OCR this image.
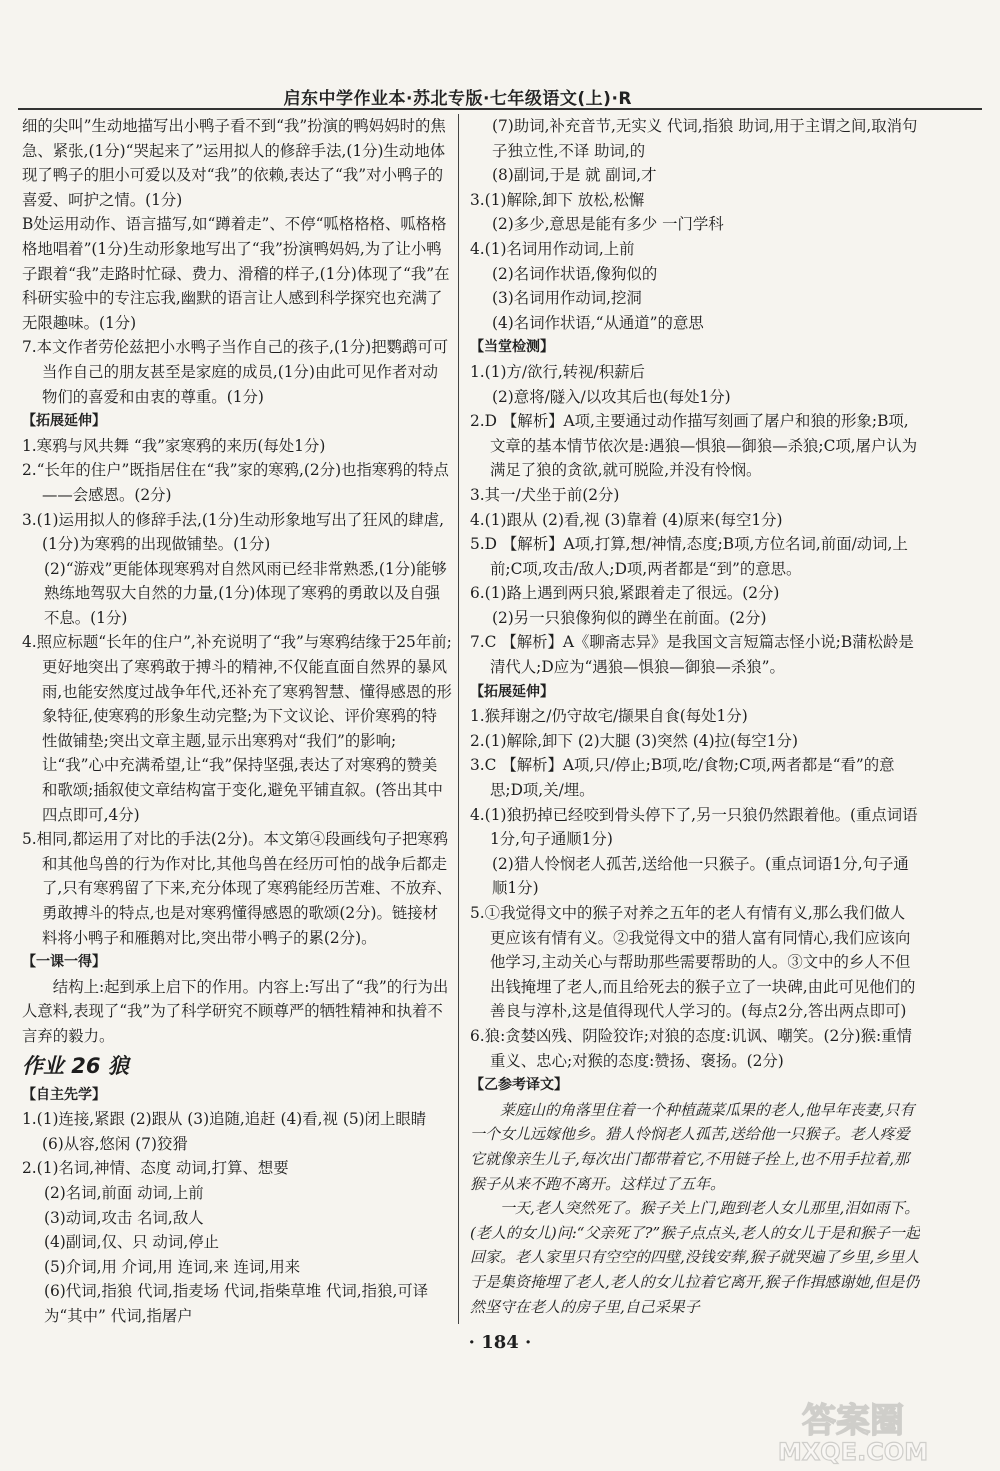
启东中学作业本·苏北专版·七年级语文(上)·R

细的尖叫”生动地描写出小鸭子看不到“我”扮演的鸭妈妈时的焦急、紧张,(1分)“哭起来了”运用拟人的修辞手法,(1分)生动地体现了鸭子的胆小可爱以及对“我”的依赖,表达了“我”对小鸭子的喜爱、呵护之情。(1分)

B处运用动作、语言描写,如“蹲着走”、不停“呱格格格、呱格格格地唱着”(1分)生动形象地写出了“我”扮演鸭妈妈,为了让小鸭子跟着“我”走路时忙碌、费力、滑稽的样子,(1分)体现了“我”在科研实验中的专注忘我,幽默的语言让人感到科学探究也充满了无限趣味。(1分)

7.本文作者劳伦兹把小水鸭子当作自己的孩子,(1分)把鹦鹉可可当作自己的朋友甚至是家庭的成员,(1分)由此可见作者对动物们的喜爱和由衷的尊重。(1分)

【拓展延伸】

1.寒鸦与风共舞 “我”家寒鸦的来历(每处1分)

2.“长年的住户”既指居住在“我”家的寒鸦,(2分)也指寒鸦的特点——会感恩。(2分)

3.(1)运用拟人的修辞手法,(1分)生动形象地写出了狂风的肆虐,(1分)为寒鸦的出现做铺垫。(1分)

(2)“游戏”更能体现寒鸦对自然风雨已经非常熟悉,(1分)能够熟练地驾驭大自然的力量,(1分)体现了寒鸦的勇敢以及自强不息。(1分)

4.照应标题“长年的住户”,补充说明了“我”与寒鸦结缘于25年前;更好地突出了寒鸦敢于搏斗的精神,不仅能直面自然界的暴风雨,也能安然度过战争年代,还补充了寒鸦智慧、懂得感恩的形象特征,使寒鸦的形象生动完整;为下文议论、评价寒鸦的特性做铺垫;突出文章主题,显示出寒鸦对“我们”的影响;让“我”心中充满希望,让“我”保持坚强,表达了对寒鸦的赞美和歌颂;插叙使文章结构富于变化,避免平铺直叙。(答出其中四点即可,4分)

5.相同,都运用了对比的手法(2分)。本文第④段画线句子把寒鸦和其他鸟兽的行为作对比,其他鸟兽在经历可怕的战争后都走了,只有寒鸦留了下来,充分体现了寒鸦能经历苦难、不放弃、勇敢搏斗的特点,也是对寒鸦懂得感恩的歌颂(2分)。链接材料将小鸭子和雁鹅对比,突出带小鸭子的累(2分)。

【一课一得】

结构上:起到承上启下的作用。内容上:写出了“我”的行为出人意料,表现了“我”为了科学研究不顾尊严的牺牲精神和执着不言弃的毅力。

作业 26 狼

【自主先学】

1.(1)连接,紧跟 (2)跟从 (3)追随,追赶 (4)看,视 (5)闭上眼睛 (6)从容,悠闲 (7)狡猾

2.(1)名词,神情、态度 动词,打算、想要

(2)名词,前面 动词,上前

(3)动词,攻击 名词,敌人

(4)副词,仅、只 动词,停止

(5)介词,用 介词,用 连词,来 连词,用来

(6)代词,指狼 代词,指麦场 代词,指柴草堆 代词,指狼,可译为“其中” 代词,指屠户

(7)助词,补充音节,无实义 代词,指狼 助词,用于主谓之间,取消句子独立性,不译 助词,的

(8)副词,于是 就 副词,才

3.(1)解除,卸下 放松,松懈

(2)多少,意思是能有多少 一门学科

4.(1)名词用作动词,上前

(2)名词作状语,像狗似的

(3)名词用作动词,挖洞

(4)名词作状语,“从通道”的意思

【当堂检测】

1.(1)方/欲行,转视/积薪后

(2)意将/隧入/以攻其后也(每处1分)

2.D 【解析】A项,主要通过动作描写刻画了屠户和狼的形象;B项,文章的基本情节依次是:遇狼—惧狼—御狼—杀狼;C项,屠户认为满足了狼的贪欲,就可脱险,并没有怜悯。

3.其一/犬坐于前(2分)

4.(1)跟从 (2)看,视 (3)靠着 (4)原来(每空1分)

5.D 【解析】A项,打算,想/神情,态度;B项,方位名词,前面/动词,上前;C项,攻击/敌人;D项,两者都是“到”的意思。

6.(1)路上遇到两只狼,紧跟着走了很远。(2分)

(2)另一只狼像狗似的蹲坐在前面。(2分)

7.C 【解析】A《聊斋志异》是我国文言短篇志怪小说;B蒲松龄是清代人;D应为“遇狼—惧狼—御狼—杀狼”。

【拓展延伸】

1.猴拜谢之/仍守故宅/撷果自食(每处1分)

2.(1)解除,卸下 (2)大腿 (3)突然 (4)拉(每空1分)

3.C 【解析】A项,只/停止;B项,吃/食物;C项,两者都是“看”的意思;D项,关/埋。

4.(1)狼扔掉已经咬到骨头停下了,另一只狼仍然跟着他。(重点词语1分,句子通顺1分)

(2)猎人怜悯老人孤苦,送给他一只猴子。(重点词语1分,句子通顺1分)

5.①我觉得文中的猴子对养之五年的老人有情有义,那么我们做人更应该有情有义。②我觉得文中的猎人富有同情心,我们应该向他学习,主动关心与帮助那些需要帮助的人。③文中的乡人不但出钱掩埋了老人,而且给死去的猴子立了一块碑,由此可见他们的善良与淳朴,这是值得现代人学习的。(每点2分,答出两点即可)

6.狼:贪婪凶残、阴险狡诈;对狼的态度:讥讽、嘲笑。(2分)猴:重情重义、忠心;对猴的态度:赞扬、褒扬。(2分)

【乙参考译文】

莱庭山的角落里住着一个种植蔬菜瓜果的老人,他早年丧妻,只有一个女儿远嫁他乡。猎人怜悯老人孤苦,送给他一只猴子。老人疼爱它就像亲生儿子,每次出门都带着它,不用链子拴上,也不用手拉着,那猴子从来不跑不离开。这样过了五年。

一天,老人突然死了。猴子关上门,跑到老人女儿那里,泪如雨下。(老人的女儿)问:“父亲死了?”猴子点点头,老人的女儿于是和猴子一起回家。老人家里只有空空的四壁,没钱安葬,猴子就哭遍了乡里,乡里人于是集资掩埋了老人,老人的女儿拉着它离开,猴子作揖感谢她,但是仍然坚守在老人的房子里,自己采果子

· 184 ·
答案圈
MXQE.COM
